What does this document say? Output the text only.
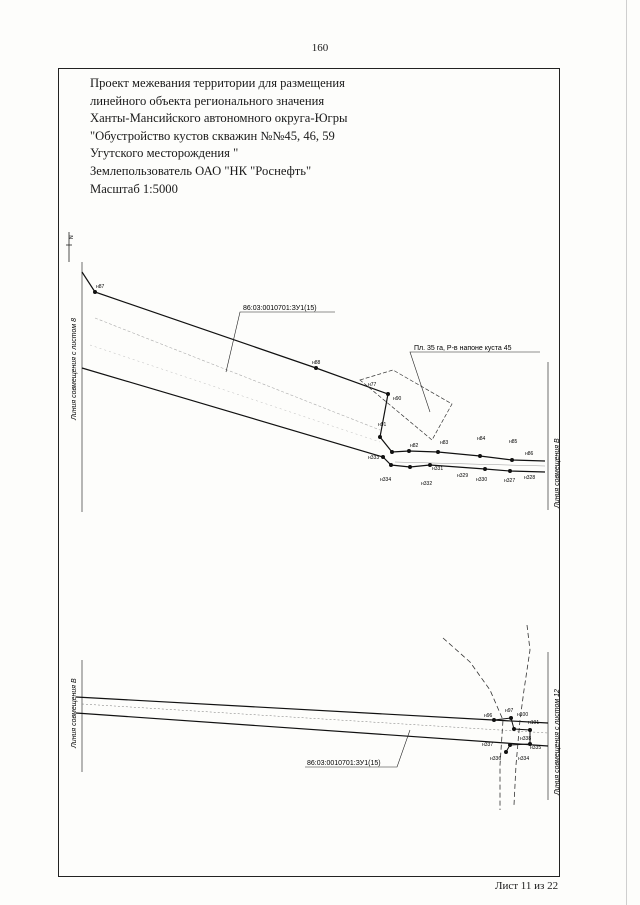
160
Проект межевания территории для размещения
линейного объекта регионального значения
Ханты-Мансийского автономного округа-Югры
"Обустройство кустов скважин №№45, 46, 59
Угутского месторождения "
Землепользователь ОАО "НК "Роснефть"
Масштаб 1:5000
N
Линия совмещения с листом 8
Линия совмещения В
86:03:0010701:ЗУ1(15)
Пл. 35 га, Р-в напоне куста 45
н87
н88
н77
н90
н91
н82	н83
н84	н85
н86
н333
н334
н332
н331
н329
н330	н327 н328
Линия совмещения В	Линия совмещения с листом 12
н96
н97
н100
н101
н338
н337	н335
н336	н334
86:03:0010701:ЗУ1(15)
Лист 11 из 22
